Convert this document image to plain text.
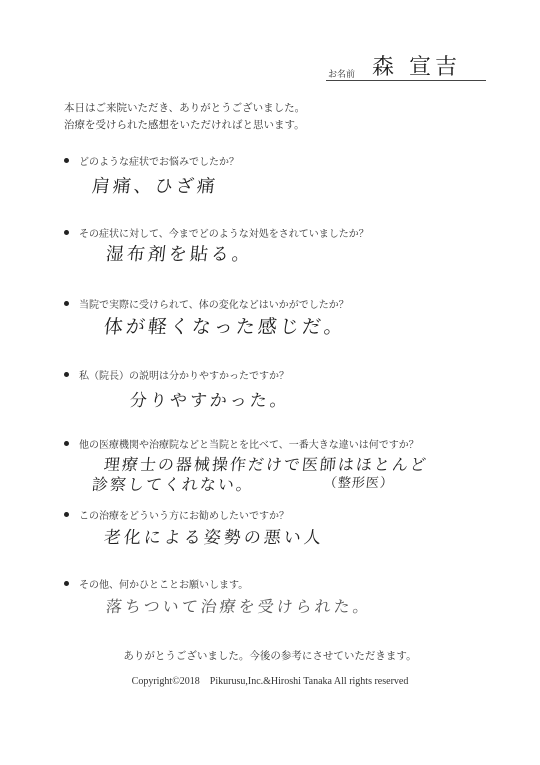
お名前 森 宣吉
本日はご来院いただき、ありがとうございました。
治療を受けられた感想をいただければと思います。
どのような症状でお悩みでしたか？
肩痛、ひざ痛
その症状に対して、今までどのような対処をされていましたか？
湿布剤を貼る。
当院で実際に受けられて、体の変化などはいかがでしたか？
体が軽くなった感じだ。
私（院長）の説明は分かりやすかったですか？
分りやすかった。
他の医療機関や治療院などと当院とを比べて、一番大きな違いは何ですか？
理療士の器械操作だけで医師はほとんど
診察してくれない。	（整形医）
この治療をどういう方にお勧めしたいですか？
老化による姿勢の悪い人
その他、何かひとことお願いします。
落ちついて治療を受けられた。
ありがとうございました。今後の参考にさせていただきます。
Copyright©2018　Pikurusu,Inc.&Hiroshi Tanaka All rights reserved
